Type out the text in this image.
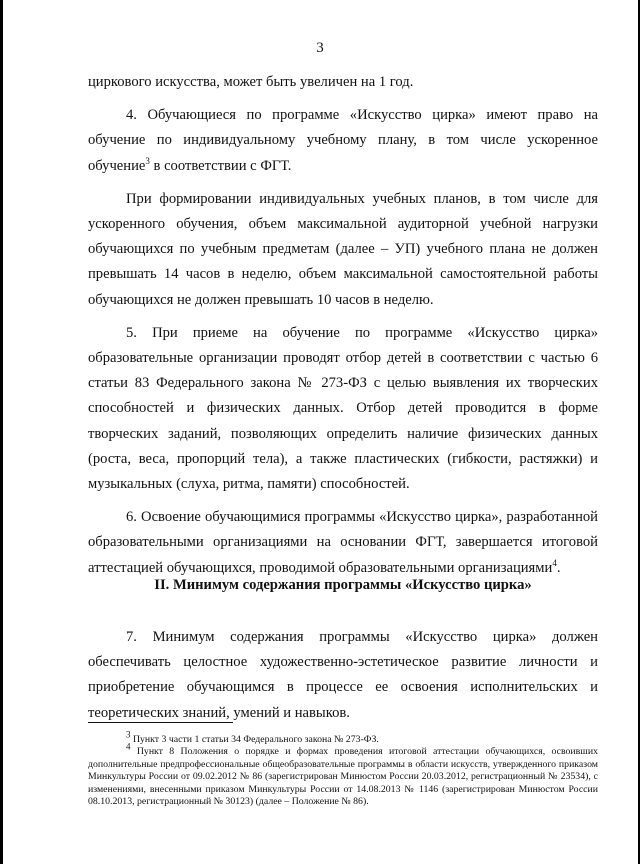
3

циркового искусства, может быть увеличен на 1 год.

4. Обучающиеся по программе «Искусство цирка» имеют право на обучение по индивидуальному учебному плану, в том числе ускоренное обучение$^3$ в соответствии с ФГТ.

При формировании индивидуальных учебных планов, в том числе для ускоренного обучения, объем максимальной аудиторной учебной нагрузки обучающихся по учебным предметам (далее – УП) учебного плана не должен превышать 14 часов в неделю, объем максимальной самостоятельной работы обучающихся не должен превышать 10 часов в неделю.

5. При приеме на обучение по программе «Искусство цирка» образовательные организации проводят отбор детей в соответствии с частью 6 статьи 83 Федерального закона № 273-ФЗ с целью выявления их творческих способностей и физических данных. Отбор детей проводится в форме творческих заданий, позволяющих определить наличие физических данных (роста, веса, пропорций тела), а также пластических (гибкости, растяжки) и музыкальных (слуха, ритма, памяти) способностей.

6. Освоение обучающимися программы «Искусство цирка», разработанной образовательными организациями на основании ФГТ, завершается итоговой аттестацией обучающихся, проводимой образовательными организациями$^4$.

II. Минимум содержания программы «Искусство цирка»

7. Минимум содержания программы «Искусство цирка» должен обеспечивать целостное художественно-эстетическое развитие личности и приобретение обучающимся в процессе ее освоения исполнительских и теоретических знаний, умений и навыков.

$^3$ Пункт 3 части 1 статьи 34 Федерального закона № 273-ФЗ.

$^4$ Пункт 8 Положения о порядке и формах проведения итоговой аттестации обучающихся, освоивших дополнительные предпрофессиональные общеобразовательные программы в области искусств, утвержденного приказом Минкультуры России от 09.02.2012 № 86 (зарегистрирован Минюстом России 20.03.2012, регистрационный № 23534), с изменениями, внесенными приказом Минкультуры России от 14.08.2013 № 1146 (зарегистрирован Минюстом России 08.10.2013, регистрационный № 30123) (далее – Положение № 86).
